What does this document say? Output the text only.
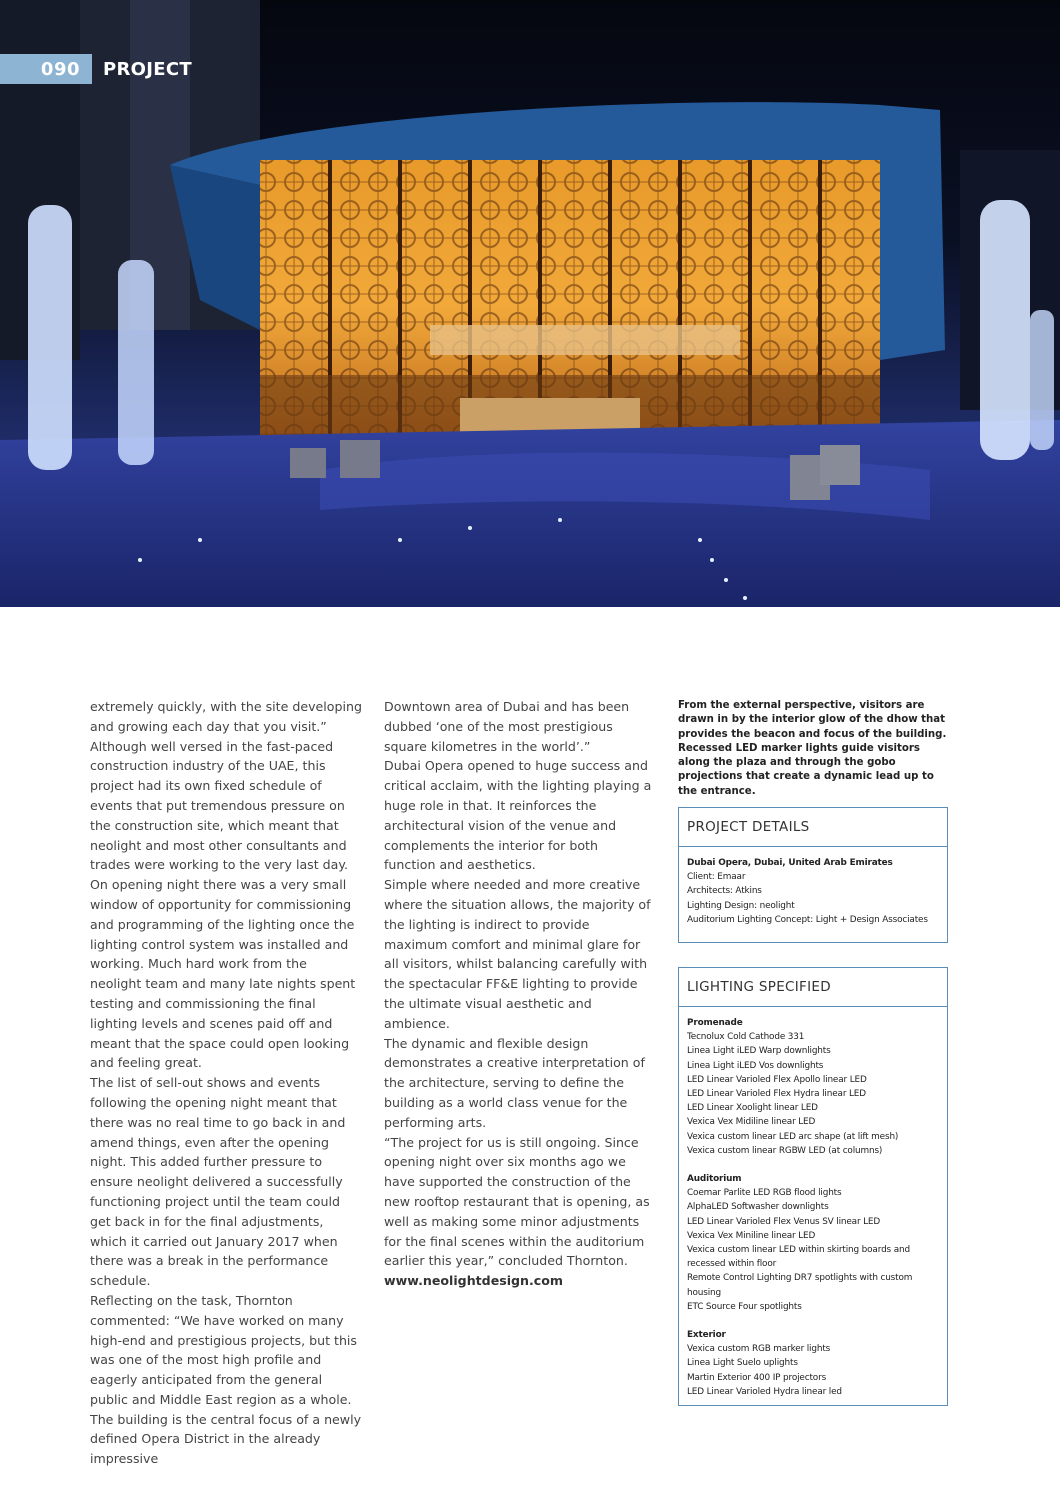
090	PROJECT

extremely quickly, with the site developing and growing each day that you visit.”

Although well versed in the fast-paced construction industry of the UAE, this project had its own fixed schedule of events that put tremendous pressure on the construction site, which meant that neolight and most other consultants and trades were working to the very last day.

On opening night there was a very small window of opportunity for commissioning and programming of the lighting once the lighting control system was installed and working. Much hard work from the neolight team and many late nights spent testing and commissioning the final lighting levels and scenes paid off and meant that the space could open looking and feeling great.

The list of sell-out shows and events following the opening night meant that there was no real time to go back in and amend things, even after the opening night. This added further pressure to ensure neolight delivered a successfully functioning project until the team could get back in for the final adjustments, which it carried out January 2017 when there was a break in the performance schedule.

Reflecting on the task, Thornton commented: “We have worked on many high-end and prestigious projects, but this was one of the most high profile and eagerly anticipated from the general public and Middle East region as a whole. The building is the central focus of a newly defined Opera District in the already impressive

Downtown area of Dubai and has been dubbed ‘one of the most prestigious square kilometres in the world’.”

Dubai Opera opened to huge success and critical acclaim, with the lighting playing a huge role in that. It reinforces the architectural vision of the venue and complements the interior for both function and aesthetics.

Simple where needed and more creative where the situation allows, the majority of the lighting is indirect to provide maximum comfort and minimal glare for all visitors, whilst balancing carefully with the spectacular FF&E lighting to provide the ultimate visual aesthetic and ambience.

The dynamic and flexible design demonstrates a creative interpretation of the architecture, serving to define the building as a world class venue for the performing arts.

“The project for us is still ongoing. Since opening night over six months ago we have supported the construction of the new rooftop restaurant that is opening, as well as making some minor adjustments for the final scenes within the auditorium earlier this year,” concluded Thornton.

www.neolightdesign.com

From the external perspective, visitors are drawn in by the interior glow of the dhow that provides the beacon and focus of the building. Recessed LED marker lights guide visitors along the plaza and through the gobo projections that create a dynamic lead up to the entrance.

PROJECT DETAILS
Dubai Opera, Dubai, United Arab Emirates
Client: Emaar
Architects: Atkins
Lighting Design: neolight
Auditorium Lighting Concept: Light + Design Associates
LIGHTING SPECIFIED
Promenade
Tecnolux Cold Cathode 331
Linea Light iLED Warp downlights
Linea Light iLED Vos downlights
LED Linear Varioled Flex Apollo linear LED
LED Linear Varioled Flex Hydra linear LED
LED Linear Xoolight linear LED
Vexica Vex Midiline linear LED
Vexica custom linear LED arc shape (at lift mesh)
Vexica custom linear RGBW LED (at columns)
Auditorium
Coemar Parlite LED RGB flood lights
AlphaLED Softwasher downlights
LED Linear Varioled Flex Venus SV linear LED
Vexica Vex Miniline linear LED
Vexica custom linear LED within skirting boards and recessed within floor
Remote Control Lighting DR7 spotlights with custom housing
ETC Source Four spotlights
Exterior
Vexica custom RGB marker lights
Linea Light Suelo uplights
Martin Exterior 400 IP projectors
LED Linear Varioled Hydra linear led
